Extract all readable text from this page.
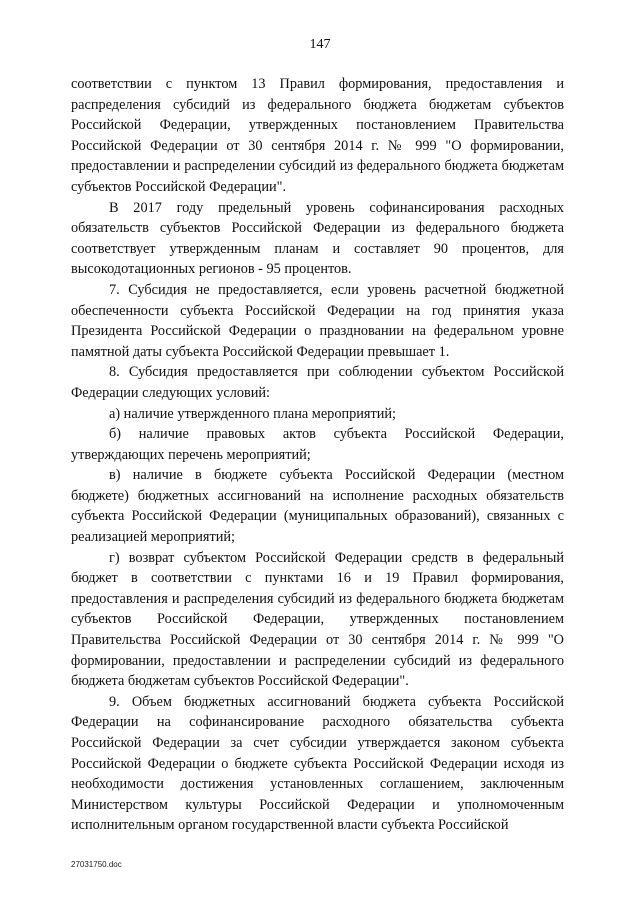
147

соответствии с пунктом 13 Правил формирования, предоставления и распределения субсидий из федерального бюджета бюджетам субъектов Российской Федерации, утвержденных постановлением Правительства Российской Федерации от 30 сентября 2014 г. № 999 "О формировании, предоставлении и распределении субсидий из федерального бюджета бюджетам субъектов Российской Федерации".

В 2017 году предельный уровень софинансирования расходных обязательств субъектов Российской Федерации из федерального бюджета соответствует утвержденным планам и составляет 90 процентов, для высокодотационных регионов - 95 процентов.

7. Субсидия не предоставляется, если уровень расчетной бюджетной обеспеченности субъекта Российской Федерации на год принятия указа Президента Российской Федерации о праздновании на федеральном уровне памятной даты субъекта Российской Федерации превышает 1.

8. Субсидия предоставляется при соблюдении субъектом Российской Федерации следующих условий:

а) наличие утвержденного плана мероприятий;

б) наличие правовых актов субъекта Российской Федерации, утверждающих перечень мероприятий;

в) наличие в бюджете субъекта Российской Федерации (местном бюджете) бюджетных ассигнований на исполнение расходных обязательств субъекта Российской Федерации (муниципальных образований), связанных с реализацией мероприятий;

г) возврат субъектом Российской Федерации средств в федеральный бюджет в соответствии с пунктами 16 и 19 Правил формирования, предоставления и распределения субсидий из федерального бюджета бюджетам субъектов Российской Федерации, утвержденных постановлением Правительства Российской Федерации от 30 сентября 2014 г. № 999 "О формировании, предоставлении и распределении субсидий из федерального бюджета бюджетам субъектов Российской Федерации".

9. Объем бюджетных ассигнований бюджета субъекта Российской Федерации на софинансирование расходного обязательства субъекта Российской Федерации за счет субсидии утверждается законом субъекта Российской Федерации о бюджете субъекта Российской Федерации исходя из необходимости достижения установленных соглашением, заключенным Министерством культуры Российской Федерации и уполномоченным исполнительным органом государственной власти субъекта Российской

27031750.doc
